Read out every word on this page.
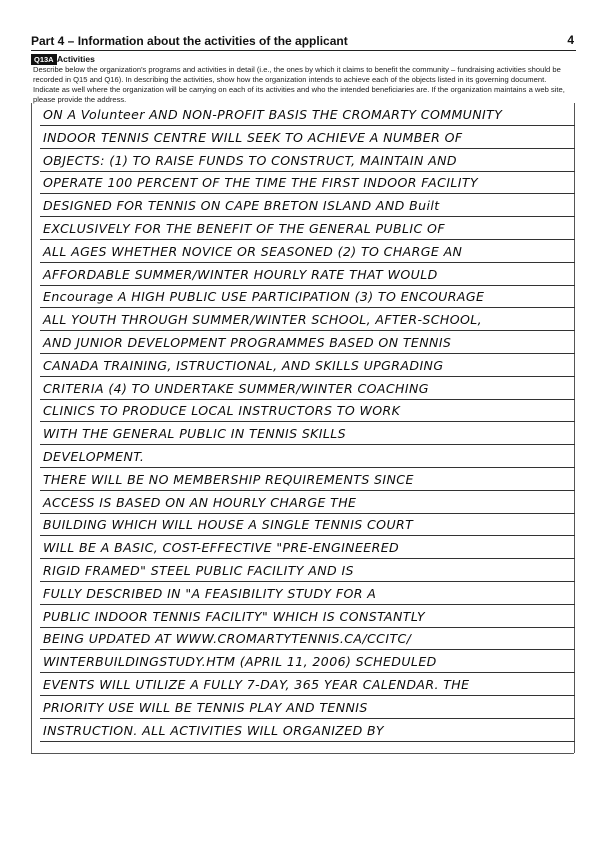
Part 4 – Information about the activities of the applicant	4
Q13A Activities
Describe below the organization's programs and activities in detail (i.e., the ones by which it claims to benefit the community – fundraising activities should be recorded in Q15 and Q16). In describing the activities, show how the organization intends to achieve each of the objects listed in its governing document. Indicate as well where the organization will be carrying on each of its activities and who the intended beneficiaries are. If the organization maintains a web site, please provide the address.
ON A Volunteer AND NON-PROFIT BASIS THE CROMARTY COMMUNITY
INDOOR TENNIS CENTRE WILL SEEK TO ACHIEVE A NUMBER OF
OBJECTS: (1) TO RAISE FUNDS TO CONSTRUCT, MAINTAIN AND
OPERATE 100 PERCENT OF THE TIME THE FIRST INDOOR FACILITY
DESIGNED FOR TENNIS ON CAPE BRETON ISLAND AND Built
EXCLUSIVELY FOR THE BENEFIT OF THE GENERAL PUBLIC OF
ALL AGES WHETHER NOVICE OR SEASONED (2) TO CHARGE AN
AFFORDABLE SUMMER/WINTER HOURLY RATE THAT WOULD
Encourage A HIGH PUBLIC USE PARTICIPATION (3) TO ENCOURAGE
ALL YOUTH THROUGH SUMMER/WINTER SCHOOL, AFTER-SCHOOL,
AND JUNIOR DEVELOPMENT PROGRAMMES BASED ON TENNIS
CANADA TRAINING, ISTRUCTIONAL, AND SKILLS UPGRADING
CRITERIA (4) TO UNDERTAKE SUMMER/WINTER COACHING
CLINICS TO PRODUCE LOCAL INSTRUCTORS TO WORK
WITH THE GENERAL PUBLIC IN TENNIS SKILLS
DEVELOPMENT.
THERE WILL BE NO MEMBERSHIP REQUIREMENTS SINCE
ACCESS IS BASED ON AN HOURLY CHARGE THE
BUILDING WHICH WILL HOUSE A SINGLE TENNIS COURT
WILL BE A BASIC, COST-EFFECTIVE "PRE-ENGINEERED
RIGID FRAMED" STEEL PUBLIC FACILITY AND IS
FULLY DESCRIBED IN "A FEASIBILITY STUDY FOR A
PUBLIC INDOOR TENNIS FACILITY" WHICH IS CONSTANTLY
BEING UPDATED AT WWW.CROMARTYTENNIS.CA/CCITC/
WINTERBUILDINGSTUDY.HTM (APRIL 11, 2006) SCHEDULED
EVENTS WILL UTILIZE A FULLY 7-DAY, 365 YEAR CALENDAR. THE
PRIORITY USE WILL BE TENNIS PLAY AND TENNIS
INSTRUCTION. ALL ACTIVITIES WILL ORGANIZED BY
